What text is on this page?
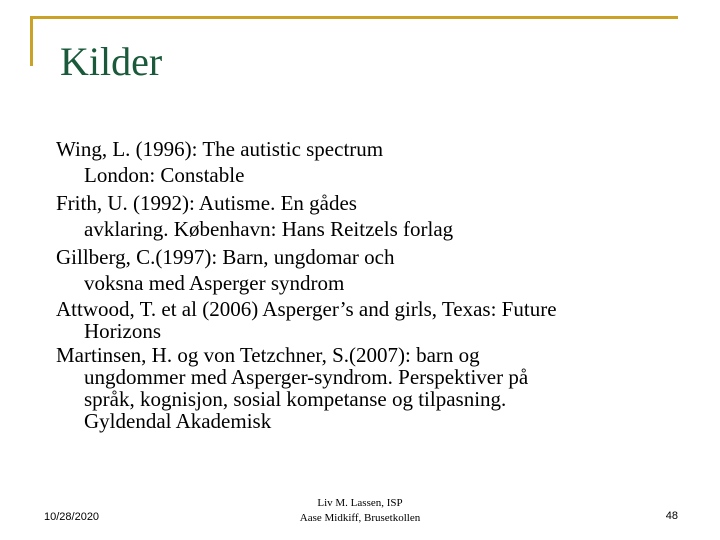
Kilder

Wing, L. (1996): The autistic spectrum
London: Constable

Frith, U. (1992): Autisme. En gådes
avklaring. København: Hans Reitzels forlag

Gillberg, C.(1997): Barn, ungdomar och
voksna med Asperger syndrom

Attwood, T. et al (2006) Asperger’s and girls, Texas: Future
Horizons

Martinsen, H. og von Tetzchner, S.(2007): barn og
ungdommer med Asperger-syndrom. Perspektiver på
språk, kognisjon, sosial kompetanse og tilpasning.
Gyldendal Akademisk

10/28/2020
Liv M. Lassen, ISP
Aase Midkiff, Brusetkollen	48
